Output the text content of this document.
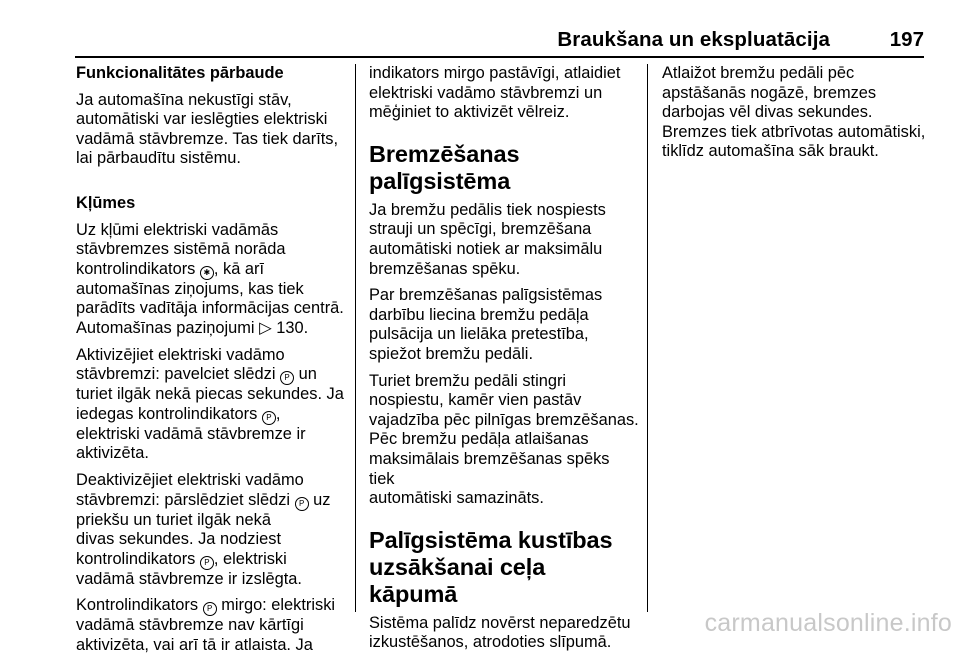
Braukšana un ekspluatācija	197

Funkcionalitātes pārbaude

Ja automašīna nekustīgi stāv,
automātiski var ieslēgties elektriski
vadāmā stāvbremze. Tas tiek darīts,
lai pārbaudītu sistēmu.

Kļūmes

Uz kļūmi elektriski vadāmās
stāvbremzes sistēmā norāda
kontrolindikators ✱ , kā arī
automašīnas ziņojums, kas tiek
parādīts vadītāja informācijas centrā.
Automašīnas paziņojumi ▷ 130.

Aktivizējiet elektriski vadāmo
stāvbremzi: pavelciet slēdzi P un
turiet ilgāk nekā piecas sekundes. Ja
iedegas kontrolindikators P ,
elektriski vadāmā stāvbremze ir
aktivizēta.

Deaktivizējiet elektriski vadāmo
stāvbremzi: pārslēdziet slēdzi P uz
priekšu un turiet ilgāk nekā
divas sekundes. Ja nodziest
kontrolindikators P , elektriski
vadāmā stāvbremze ir izslēgta.

Kontrolindikators P mirgo: elektriski
vadāmā stāvbremze nav kārtīgi
aktivizēta, vai arī tā ir atlaista. Ja

indikators mirgo pastāvīgi, atlaidiet
elektriski vadāmo stāvbremzi un
mēģiniet to aktivizēt vēlreiz.

Bremzēšanas palīgsistēma

Ja bremžu pedālis tiek nospiests
strauji un spēcīgi, bremzēšana
automātiski notiek ar maksimālu
bremzēšanas spēku.

Par bremzēšanas palīgsistēmas
darbību liecina bremžu pedāļa
pulsācija un lielāka pretestība,
spiežot bremžu pedāli.

Turiet bremžu pedāli stingri
nospiestu, kamēr vien pastāv
vajadzība pēc pilnīgas bremzēšanas.
Pēc bremžu pedāļa atlaišanas
maksimālais bremzēšanas spēks tiek
automātiski samazināts.

Palīgsistēma kustības
uzsākšanai ceļa kāpumā

Sistēma palīdz novērst neparedzētu
izkustēšanos, atrodoties slīpumā.

Atlaižot bremžu pedāli pēc
apstāšanās nogāzē, bremzes
darbojas vēl divas sekundes.
Bremzes tiek atbrīvotas automātiski,
tiklīdz automašīna sāk braukt.

carmanualsonline.info
